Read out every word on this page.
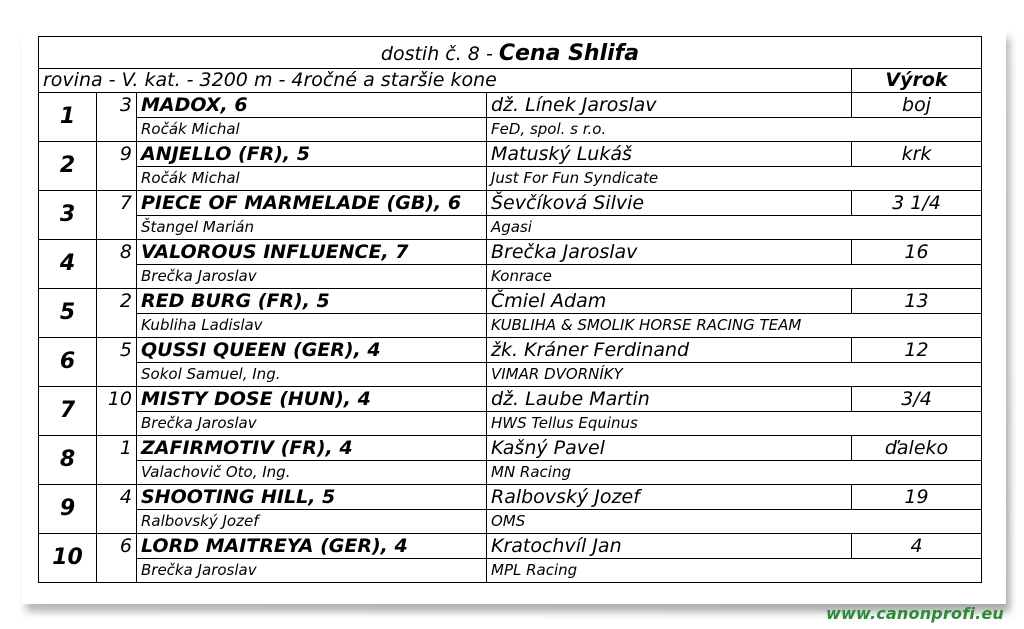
dostih č. 8 - Cena Shlifa				
rovina - V. kat. - 3200 m - 4ročné a staršie kone				Výrok
1	3	MADOX, 6	dž. Línek Jaroslav	boj
		Ročák Michal	FeD, spol. s r.o.	
2	9	ANJELLO (FR), 5	Matuský Lukáš	krk
		Ročák Michal	Just For Fun Syndicate	
3	7	PIECE OF MARMELADE (GB), 6	Ševčíková Silvie	3 1/4
		Štangel Marián	Agasi	
4	8	VALOROUS INFLUENCE, 7	Brečka Jaroslav	16
		Brečka Jaroslav	Konrace	
5	2	RED BURG (FR), 5	Čmiel Adam	13
		Kubliha Ladislav	KUBLIHA & SMOLIK HORSE RACING TEAM	
6	5	QUSSI QUEEN (GER), 4	žk. Kráner Ferdinand	12
		Sokol Samuel, Ing.	VIMAR DVORNÍKY	
7	10	MISTY DOSE (HUN), 4	dž. Laube Martin	3/4
		Brečka Jaroslav	HWS Tellus Equinus	
8	1	ZAFIRMOTIV (FR), 4	Kašný Pavel	ďaleko
		Valachovič Oto, Ing.	MN Racing	
9	4	SHOOTING HILL, 5	Ralbovský Jozef	19
		Ralbovský Jozef	OMS	
10	6	LORD MAITREYA (GER), 4	Kratochvíl Jan	4
		Brečka Jaroslav	MPL Racing	
www.canonprofi.eu
